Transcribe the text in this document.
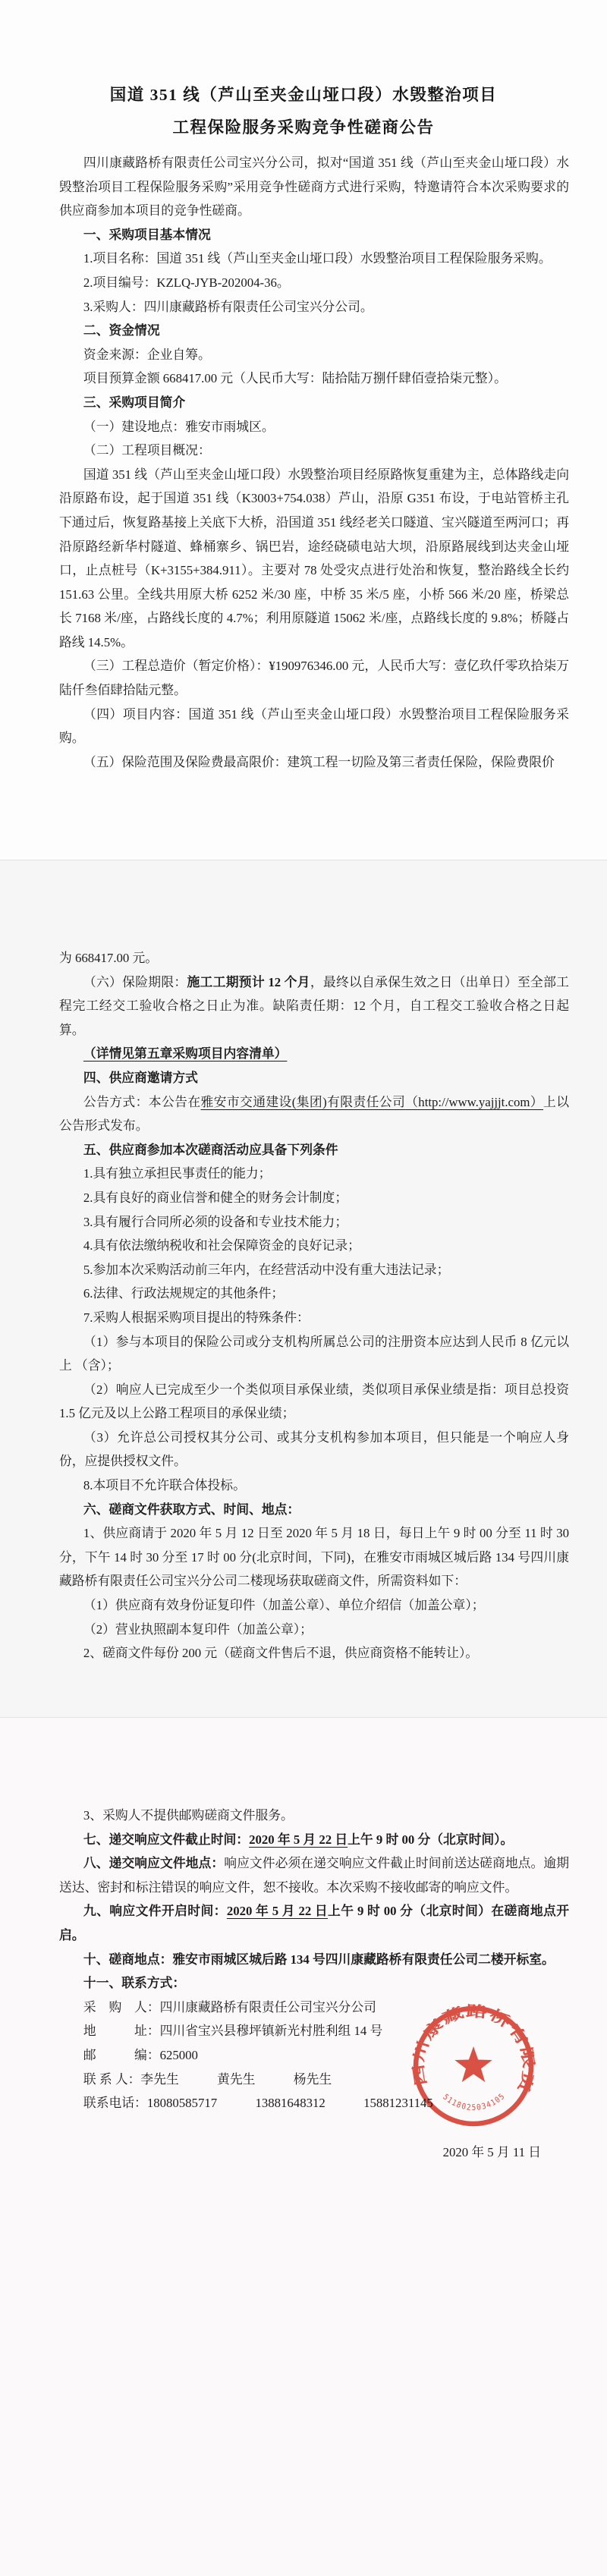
国道 351 线（芦山至夹金山垭口段）水毁整治项目
工程保险服务采购竞争性磋商公告

四川康藏路桥有限责任公司宝兴分公司，拟对“国道 351 线（芦山至夹金山垭口段）水毁整治项目工程保险服务采购”采用竞争性磋商方式进行采购，特邀请符合本次采购要求的供应商参加本项目的竞争性磋商。

一、采购项目基本情况

1.项目名称：国道 351 线（芦山至夹金山垭口段）水毁整治项目工程保险服务采购。

2.项目编号：KZLQ-JYB-202004-36。

3.采购人：四川康藏路桥有限责任公司宝兴分公司。

二、资金情况

资金来源：企业自筹。

项目预算金额 668417.00 元（人民币大写：陆拾陆万捌仟肆佰壹拾柒元整）。

三、采购项目简介

（一）建设地点：雅安市雨城区。

（二）工程项目概况：

国道 351 线（芦山至夹金山垭口段）水毁整治项目经原路恢复重建为主，总体路线走向沿原路布设，起于国道 351 线（K3003+754.038）芦山，沿原 G351 布设，于电站管桥主孔下通过后，恢复路基接上关底下大桥，沿国道 351 线经老关口隧道、宝兴隧道至两河口；再沿原路经新华村隧道、蜂桶寨乡、锅巴岩，途经硗碛电站大坝，沿原路展线到达夹金山垭口，止点桩号（K+3155+384.911）。主要对 78 处受灾点进行处治和恢复，整治路线全长约 151.63 公里。全线共用原大桥 6252 米/30 座，中桥 35 米/5 座，小桥 566 米/20 座，桥梁总长 7168 米/座，占路线长度的 4.7%；利用原隧道 15062 米/座，点路线长度的 9.8%；桥隧占路线 14.5%。

（三）工程总造价（暂定价格）：¥190976346.00 元，人民币大写：壹亿玖仟零玖拾柒万陆仟叁佰肆拾陆元整。

（四）项目内容：国道 351 线（芦山至夹金山垭口段）水毁整治项目工程保险服务采购。

（五）保险范围及保险费最高限价：建筑工程一切险及第三者责任保险，保险费限价

为 668417.00 元。

（六）保险期限：施工工期预计 12 个月，最终以自承保生效之日（出单日）至全部工程完工经交工验收合格之日止为准。缺陷责任期：12 个月，自工程交工验收合格之日起算。

（详情见第五章采购项目内容清单）

四、供应商邀请方式

公告方式：本公告在雅安市交通建设(集团)有限责任公司（http://www.yajjjt.com）上以公告形式发布。

五、供应商参加本次磋商活动应具备下列条件

1.具有独立承担民事责任的能力；

2.具有良好的商业信誉和健全的财务会计制度；

3.具有履行合同所必须的设备和专业技术能力；

4.具有依法缴纳税收和社会保障资金的良好记录；

5.参加本次采购活动前三年内，在经营活动中没有重大违法记录；

6.法律、行政法规规定的其他条件；

7.采购人根据采购项目提出的特殊条件：

（1）参与本项目的保险公司或分支机构所属总公司的注册资本应达到人民币 8 亿元以上 （含）；

（2）响应人已完成至少一个类似项目承保业绩，类似项目承保业绩是指：项目总投资 1.5 亿元及以上公路工程项目的承保业绩；

（3）允许总公司授权其分公司、或其分支机构参加本项目，但只能是一个响应人身份，应提供授权文件。

8.本项目不允许联合体投标。

六、磋商文件获取方式、时间、地点：

1、供应商请于 2020 年 5 月 12 日至 2020 年 5 月 18 日，每日上午 9 时 00 分至 11 时 30 分，下午 14 时 30 分至 17 时 00 分(北京时间，下同)，在雅安市雨城区城后路 134 号四川康藏路桥有限责任公司宝兴分公司二楼现场获取磋商文件，所需资料如下：

（1）供应商有效身份证复印件（加盖公章）、单位介绍信（加盖公章）；

（2）营业执照副本复印件（加盖公章）；

2、磋商文件每份 200 元（磋商文件售后不退，供应商资格不能转让）。

3、采购人不提供邮购磋商文件服务。

七、递交响应文件截止时间：2020 年 5 月 22 日上午 9 时 00 分（北京时间）。

八、递交响应文件地点：响应文件必须在递交响应文件截止时间前送达磋商地点。逾期送达、密封和标注错误的响应文件，恕不接收。本次采购不接收邮寄的响应文件。

九、响应文件开启时间：2020 年 5 月 22 日上午 9 时 00 分（北京时间）在磋商地点开启。

十、磋商地点：雅安市雨城区城后路 134 号四川康藏路桥有限责任公司二楼开标室。

十一、联系方式：

采　购　人：四川康藏路桥有限责任公司宝兴分公司

地　　　址：四川省宝兴县穆坪镇新光村胜利组 14 号

邮　　　编：625000

联 系 人：李先生　　　黄先生　　　杨先生

联系电话：18080585717　　　13881648312　　　15881231145

2020 年 5 月 11 日

四川康藏路桥有限责任公司
5118025034105
